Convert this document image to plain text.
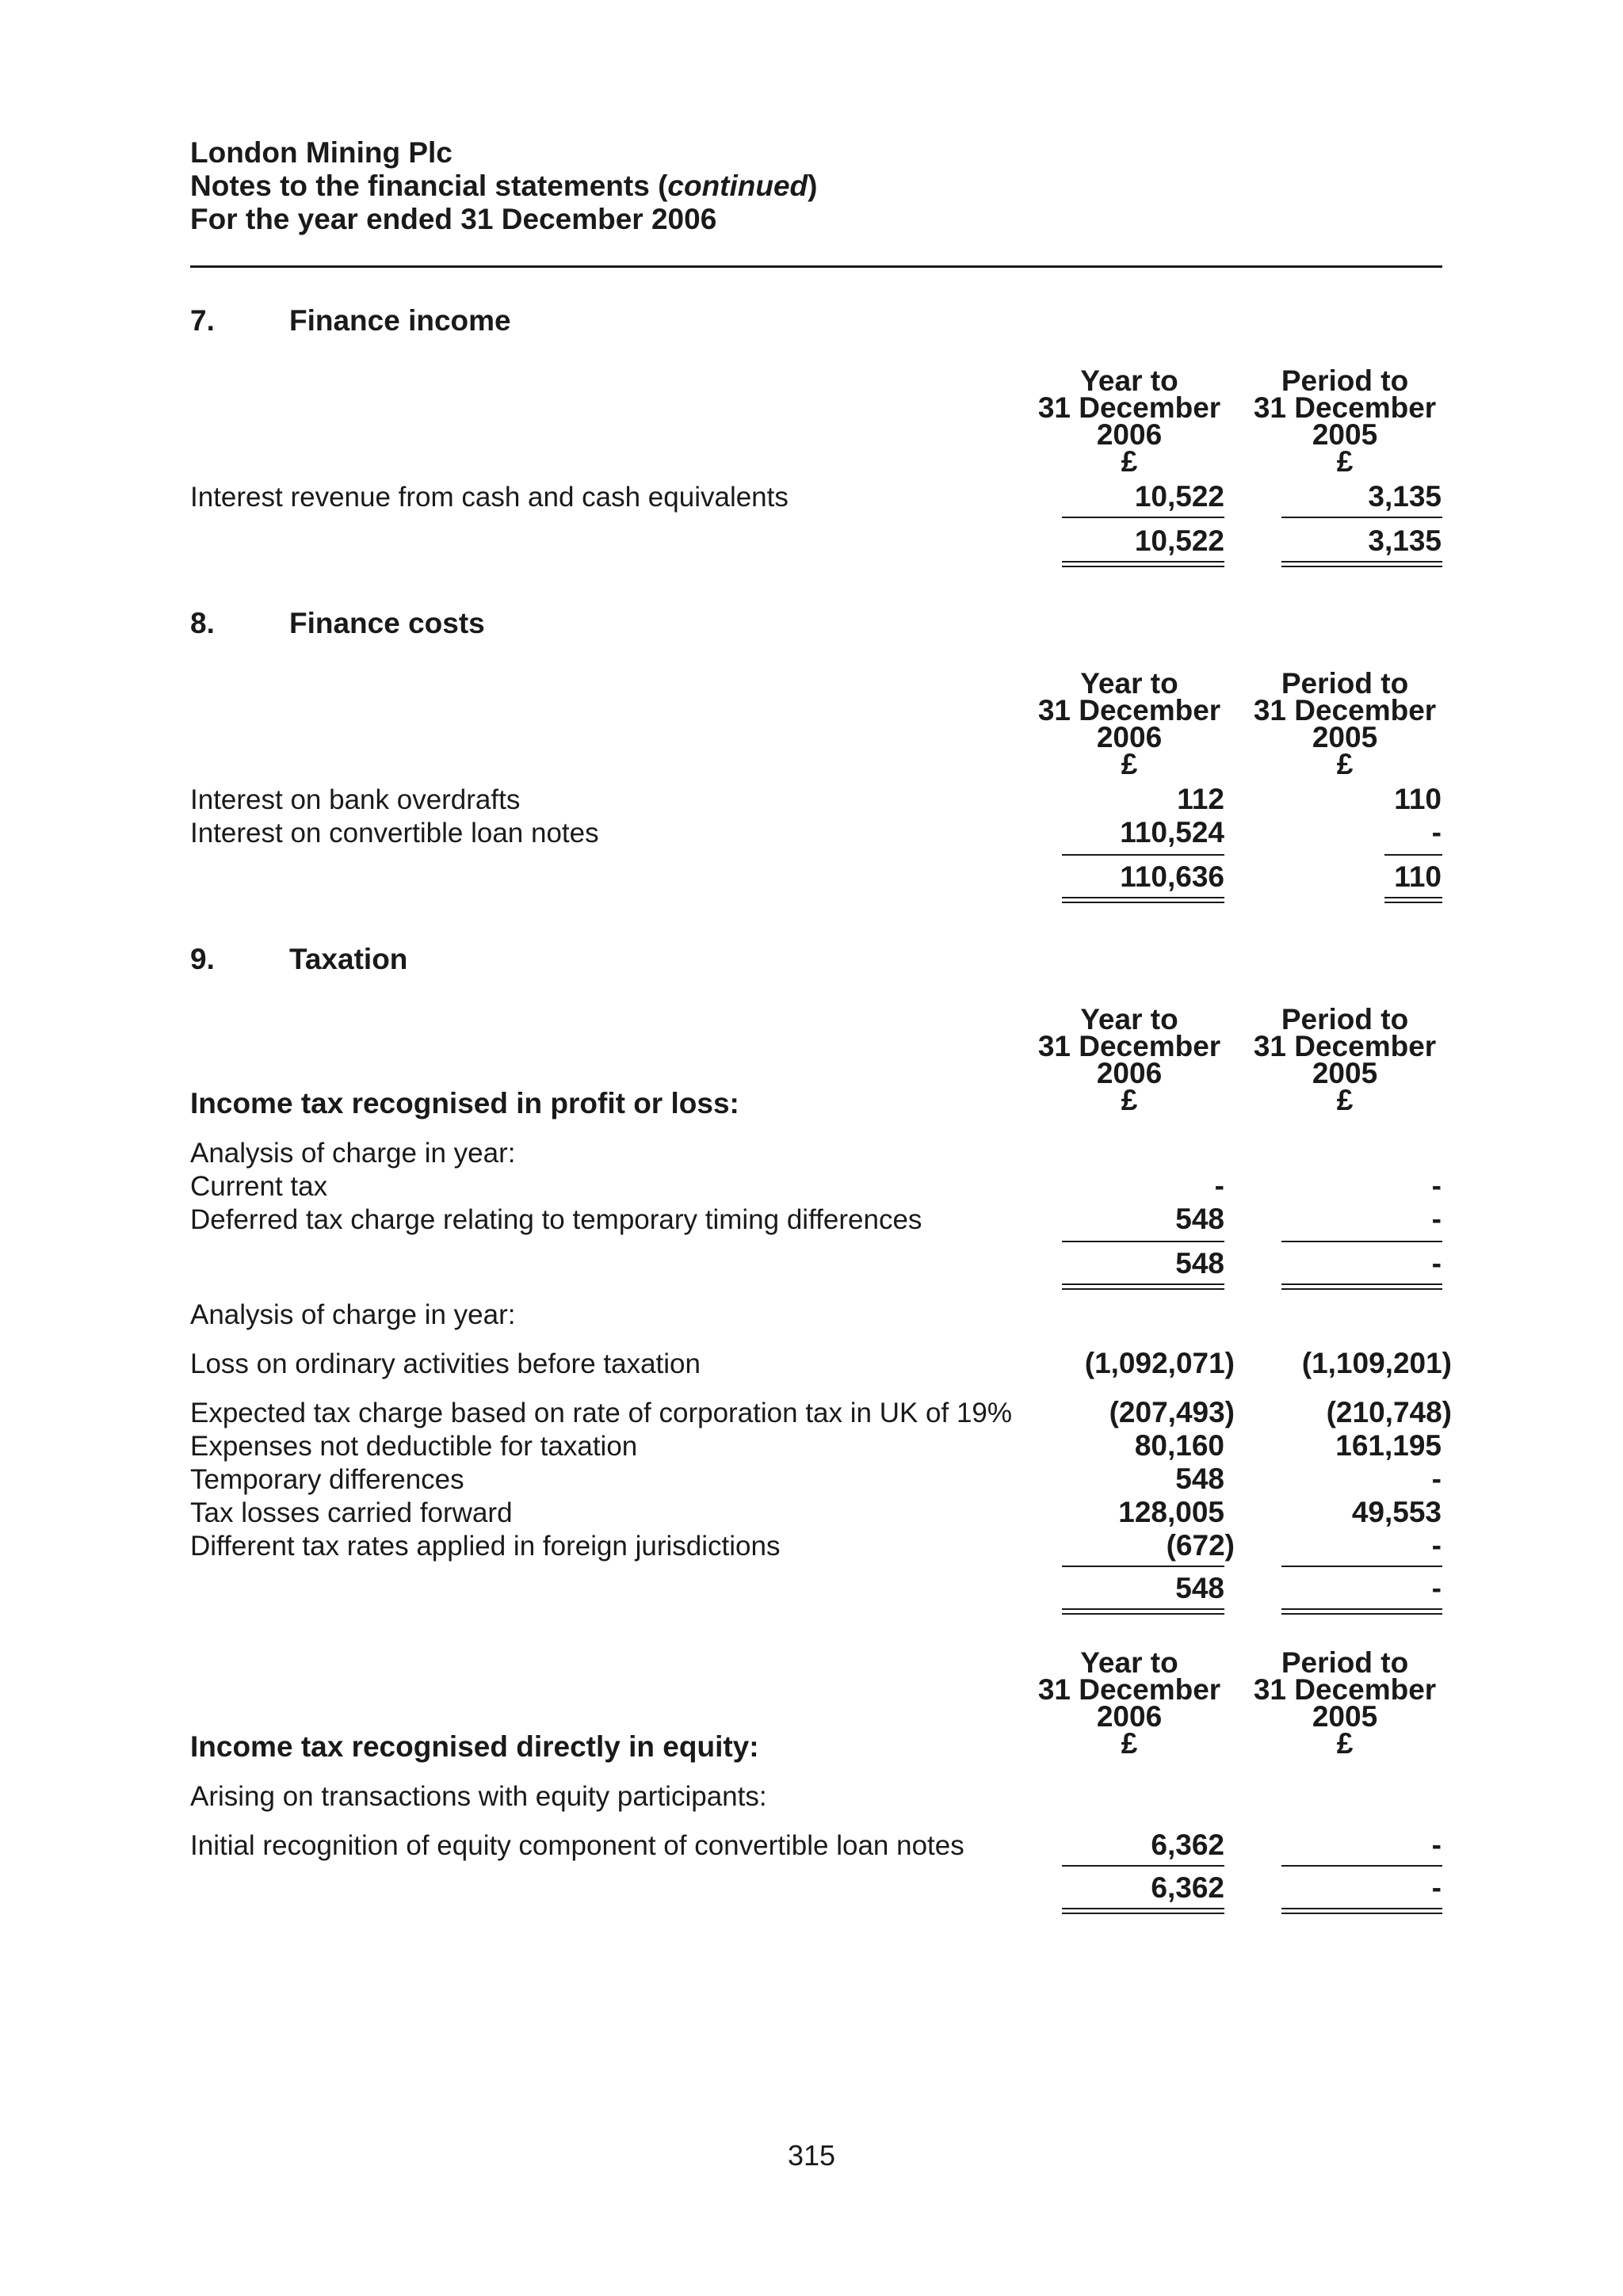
London Mining Plc
Notes to the financial statements (continued)
For the year ended 31 December 2006
7.	Finance income
Year to
31 December
2006
£
Period to
31 December
2005
£
Interest revenue from cash and cash equivalents	10,522	3,135
10,522	3,135
8.	Finance costs
Year to
31 December
2006
£
Period to
31 December
2005
£
Interest on bank overdrafts	112	110
Interest on convertible loan notes	110,524	-
110,636	110
9.	Taxation
Year to
31 December
2006
£
Period to
31 December
2005
£
Income tax recognised in profit or loss:
Analysis of charge in year:
Current tax	-	-
Deferred tax charge relating to temporary timing differences	548	-
548	-
Analysis of charge in year:
Loss on ordinary activities before taxation	(1,092,071) (1,109,201)
Expected tax charge based on rate of corporation tax in UK of 19%	(207,493)	(210,748)
Expenses not deductible for taxation	80,160	161,195
Temporary differences	548	-
Tax losses carried forward	128,005	49,553
Different tax rates applied in foreign jurisdictions	(672)	-
548	-
Year to
31 December
2006
£
Period to
31 December
2005
£
Income tax recognised directly in equity:
Arising on transactions with equity participants:
Initial recognition of equity component of convertible loan notes	6,362	-
6,362	-
315
